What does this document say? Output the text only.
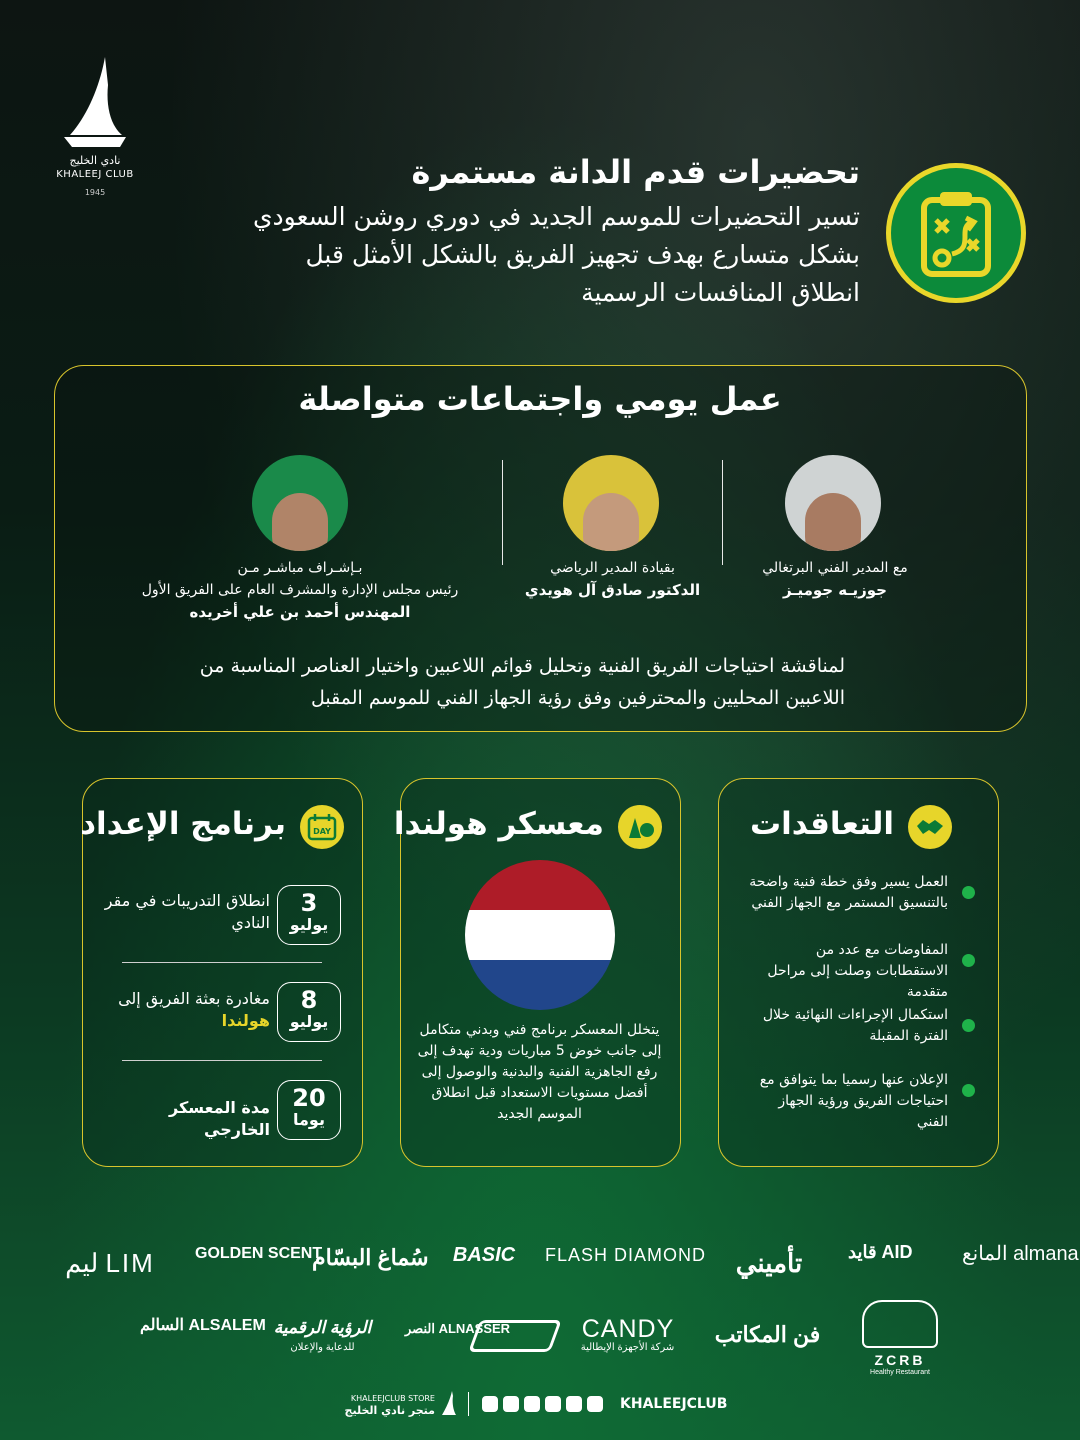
نادي الخليج
KHALEEJ CLUB
1945
تحضيرات قدم الدانة مستمرة
تسير التحضيرات للموسم الجديد في دوري روشن السعودي بشكل متسارع بهدف تجهيز الفريق بالشكل الأمثل قبل انطلاق المنافسات الرسمية
عمل يومي واجتماعات متواصلة
مع المدير الفني البرتغالي
جوزيـه جوميـز
بقيادة المدير الرياضي
الدكتور صادق آل هويدي
بـإشـراف مباشـر مـن
رئيس مجلس الإدارة والمشرف العام على الفريق الأول
المهندس أحمد بن علي أخريده
لمناقشة احتياجات الفريق الفنية وتحليل قوائم اللاعبين واختيار العناصر المناسبة من اللاعبين المحليين والمحترفين وفق رؤية الجهاز الفني للموسم المقبل
التعاقدات
العمل يسير وفق خطة فنية واضحة بالتنسيق المستمر مع الجهاز الفني
المفاوضات مع عدد من الاستقطابات وصلت إلى مراحل متقدمة
استكمال الإجراءات النهائية خلال الفترة المقبلة
الإعلان عنها رسميا بما يتوافق مع احتياجات الفريق ورؤية الجهاز الفني
معسكر هولندا
يتخلل المعسكر برنامج فني وبدني متكامل إلى جانب خوض 5 مباريات ودية تهدف إلى رفع الجاهزية الفنية والبدنية والوصول إلى أفضل مستويات الاستعداد قبل انطلاق الموسم الجديد
DAY
برنامج الإعداد
3
يوليو
انطلاق التدريبات في مقر النادي
8
يوليو
مغادرة بعثة الفريق إلى هولندا
20
يوما
مدة المعسكر الخارجي
المانع almana
قايد AID
تأميني
FLASH DIAMOND
BASIC
سُماغ البسّام
GOLDEN SCENT
ليم LIM
ZCRB
Healthy Restaurant
فن المكاتب
CANDY
شركة الأجهزة الإيطالية
النصر ALNASSER
الرؤية الرقمية
للدعاية والإعلان
السالم ALSALEM
KHALEEJCLUB STORE
متجر نادي الخليج	KHALEEJCLUB
